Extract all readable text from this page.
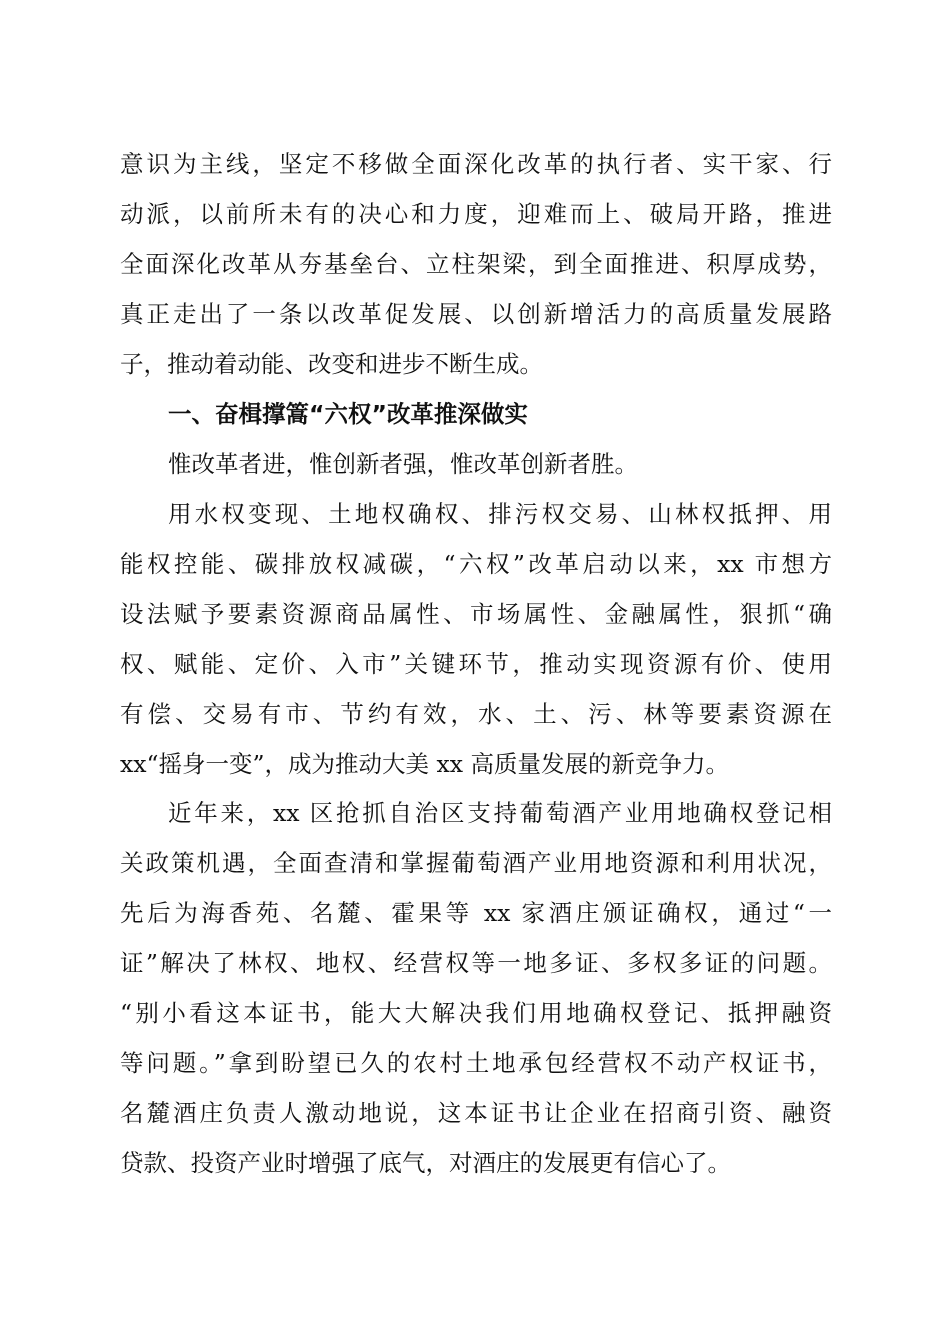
意识为主线，坚定不移做全面深化改革的执行者、实干家、行
动派，以前所未有的决心和力度，迎难而上、破局开路，推进
全面深化改革从夯基垒台、立柱架梁，到全面推进、积厚成势，
真正走出了一条以改革促发展、以创新增活力的高质量发展路
子，推动着动能、改变和进步不断生成。
一、奋楫撑篙“六权”改革推深做实
惟改革者进，惟创新者强，惟改革创新者胜。
用水权变现、土地权确权、排污权交易、山林权抵押、用
能权控能、碳排放权减碳，“六权”改革启动以来，xx 市想方
设法赋予要素资源商品属性、市场属性、金融属性，狠抓“确
权、赋能、定价、入市”关键环节，推动实现资源有价、使用
有偿、交易有市、节约有效，水、土、污、林等要素资源在
xx“摇身一变”，成为推动大美 xx 高质量发展的新竞争力。
近年来，xx 区抢抓自治区支持葡萄酒产业用地确权登记相
关政策机遇，全面查清和掌握葡萄酒产业用地资源和利用状况，
先后为海香苑、名麓、霍果等 xx 家酒庄颁证确权，通过“一
证”解决了林权、地权、经营权等一地多证、多权多证的问题。
“别小看这本证书，能大大解决我们用地确权登记、抵押融资
等问题。”拿到盼望已久的农村土地承包经营权不动产权证书，
名麓酒庄负责人激动地说，这本证书让企业在招商引资、融资
贷款、投资产业时增强了底气，对酒庄的发展更有信心了。
